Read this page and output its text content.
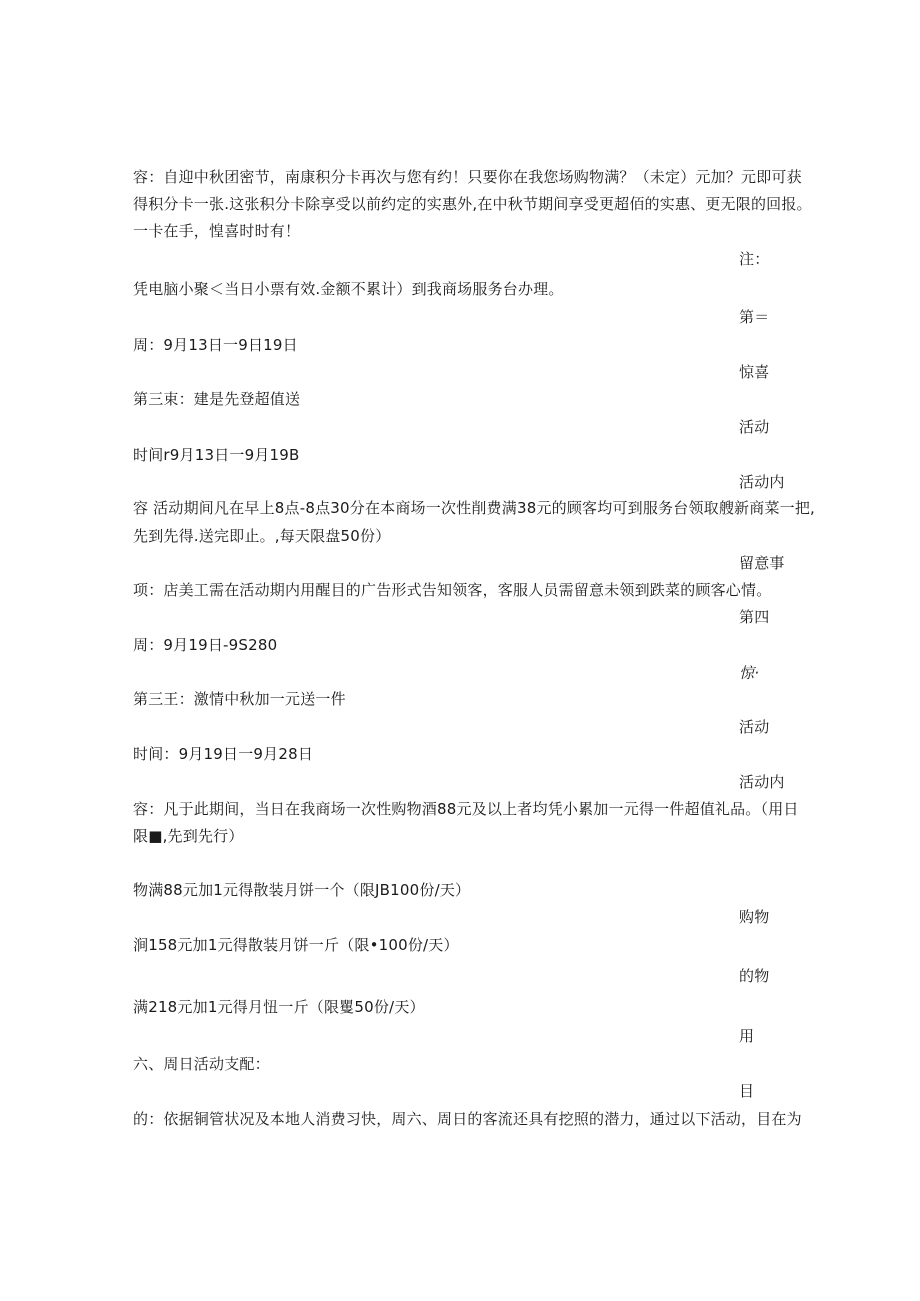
容：自迎中秋团密节，南康积分卡再次与您有约！只要你在我您场购物满？（未定）元加？元即可获
得积分卡一张.这张积分卡除享受以前约定的实惠外,在中秋节期间享受更超佰的实惠、更无限的回报。
一卡在手，惶喜时时有！
注：
凭电脑小聚＜当日小票有效.金额不累计）到我商场服务台办理。
第＝
周：9月13日一9日19日
惊喜
第三束：建是先登超值送
活动
时间r9月13日一9月19B
活动内
容 活动期间凡在早上8点-8点30分在本商场一次性削费满38元的顾客均可到服务台领取艘新商菜一把,
先到先得.送完即止。,每天限盘50份）
留意事
项：店美工需在活动期内用醒目的广告形式告知领客，客服人员需留意未领到跌菜的顾客心情。
第四
周：9月19日-9S280
惊·
第三王：激情中秋加一元送一件
活动
时间：9月19日一9月28日
活动内
容：凡于此期间，当日在我商场一次性购物酒88元及以上者均凭小累加一元得一件超值礼品。（用日
限■,先到先行）
物满88元加1元得散装月饼一个（限JB100份/天）
购物
涧158元加1元得散装月饼一斤（限•100份/天）
的物
满218元加1元得月忸一斤（限矍50份/天）
用
六、周日活动支配：
目
的：依据铜管状况及本地人消费习快，周六、周日的客流还具有挖照的潜力，通过以下活动，目在为
